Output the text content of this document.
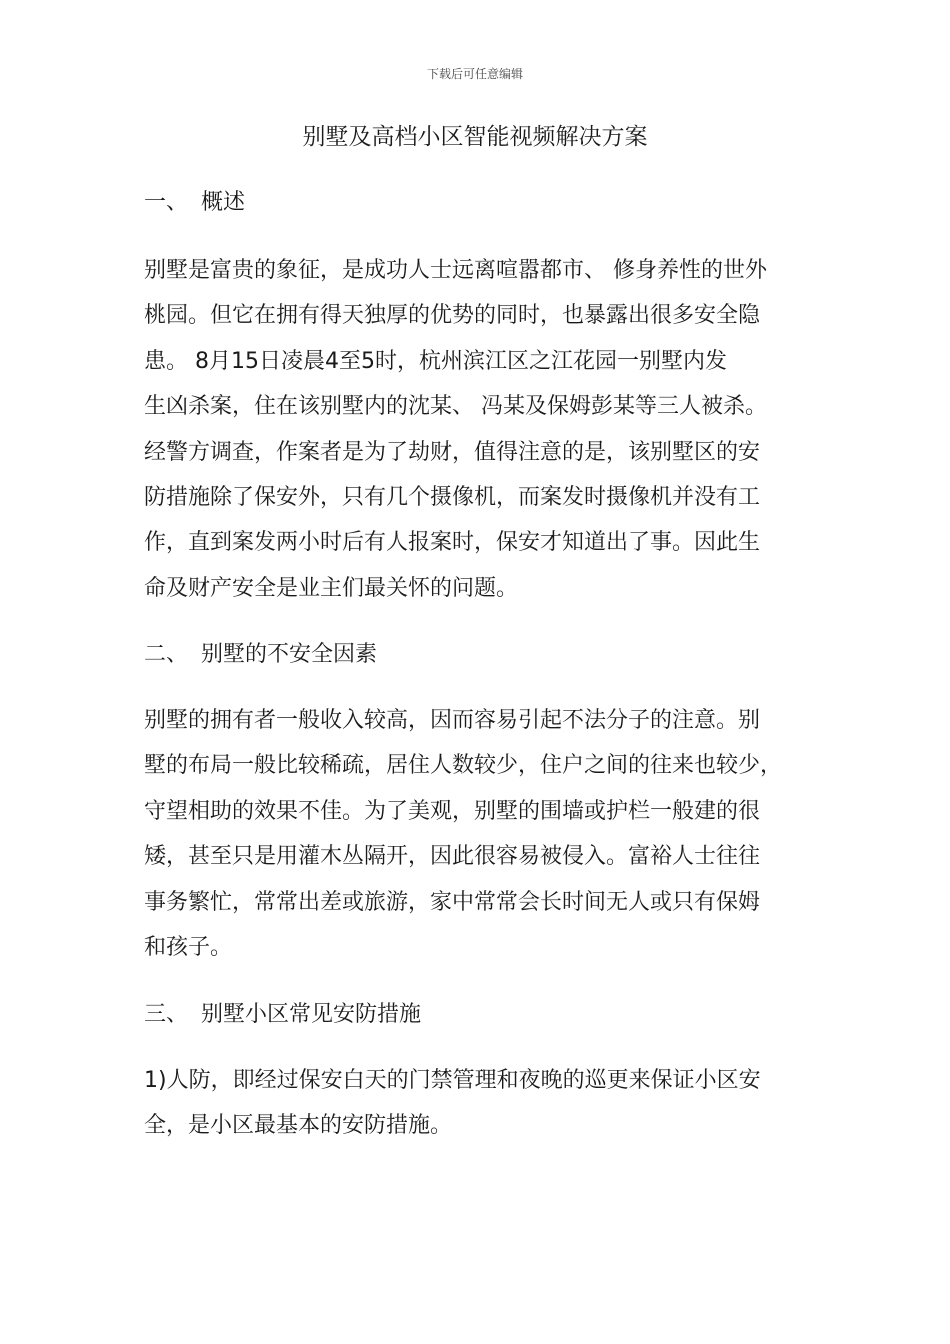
下载后可任意编辑
别墅及高档小区智能视频解决方案
一、 概述
别墅是富贵的象征，是成功人士远离喧嚣都市、 修身养性的世外
桃园。但它在拥有得天独厚的优势的同时，也暴露出很多安全隐
患。 8月15日凌晨4至5时，杭州滨江区之江花园一别墅内发
生凶杀案，住在该别墅内的沈某、 冯某及保姆彭某等三人被杀。
经警方调查，作案者是为了劫财，值得注意的是，该别墅区的安
防措施除了保安外，只有几个摄像机，而案发时摄像机并没有工
作，直到案发两小时后有人报案时，保安才知道出了事。因此生
命及财产安全是业主们最关怀的问题。
二、 别墅的不安全因素
别墅的拥有者一般收入较高，因而容易引起不法分子的注意。别
墅的布局一般比较稀疏，居住人数较少，住户之间的往来也较少，
守望相助的效果不佳。为了美观，别墅的围墙或护栏一般建的很
矮，甚至只是用灌木丛隔开，因此很容易被侵入。富裕人士往往
事务繁忙，常常出差或旅游，家中常常会长时间无人或只有保姆
和孩子。
三、 别墅小区常见安防措施
1)人防，即经过保安白天的门禁管理和夜晚的巡更来保证小区安
全，是小区最基本的安防措施。
